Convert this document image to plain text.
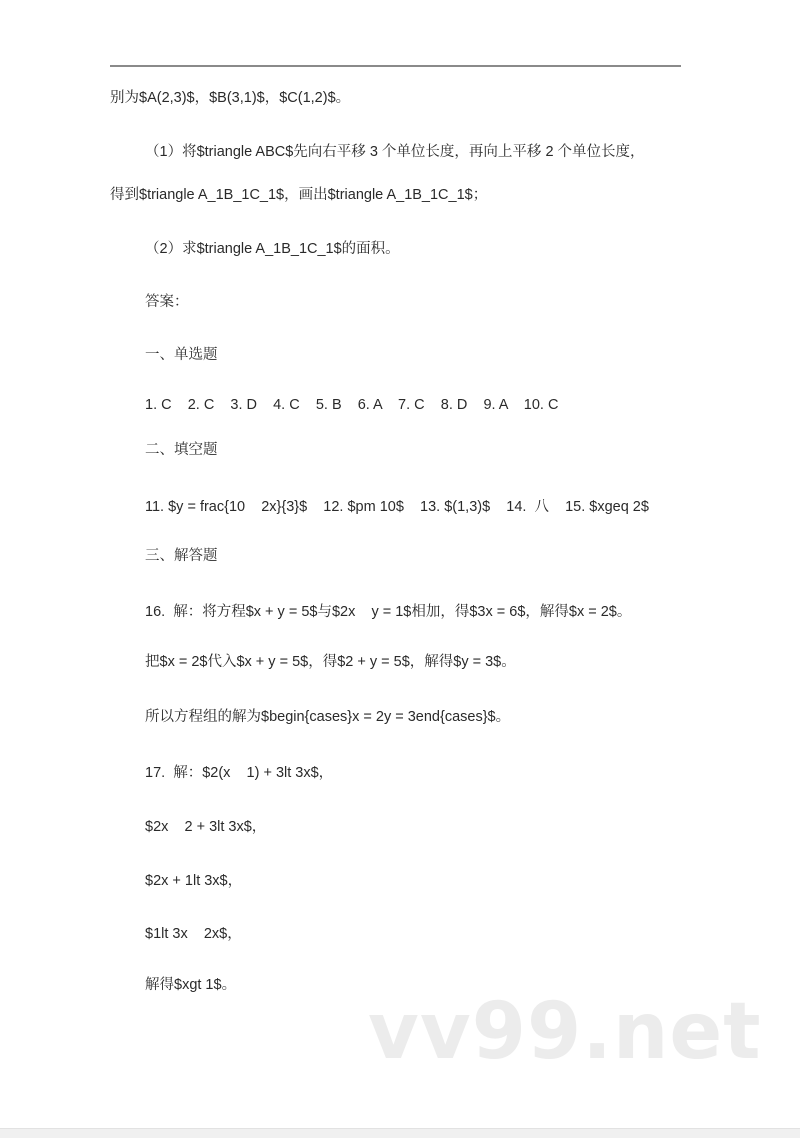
别为$A(2,3)$，$B(3,1)$，$C(1,2)$。
（1）将$triangle ABC$先向右平移 3 个单位长度，再向上平移 2 个单位长度，
得到$triangle A_1B_1C_1$，画出$triangle A_1B_1C_1$；
（2）求$triangle A_1B_1C_1$的面积。
答案：
一、单选题
1. C    2. C    3. D    4. C    5. B    6. A    7. C    8. D    9. A    10. C
二、填空题
11. $y = frac{10    2x}{3}$    12. $pm 10$    13. $(1,3)$    14.  八    15. $xgeq 2$
三、解答题
16.  解：将方程$x + y = 5$与$2x    y = 1$相加，得$3x = 6$，解得$x = 2$。
把$x = 2$代入$x + y = 5$，得$2 + y = 5$，解得$y = 3$。
所以方程组的解为$begin{cases}x = 2y = 3end{cases}$。
17.  解：$2(x    1) + 3lt 3x$，
$2x    2 + 3lt 3x$，
$2x + 1lt 3x$，
$1lt 3x    2x$，
解得$xgt 1$。
vv99.net
